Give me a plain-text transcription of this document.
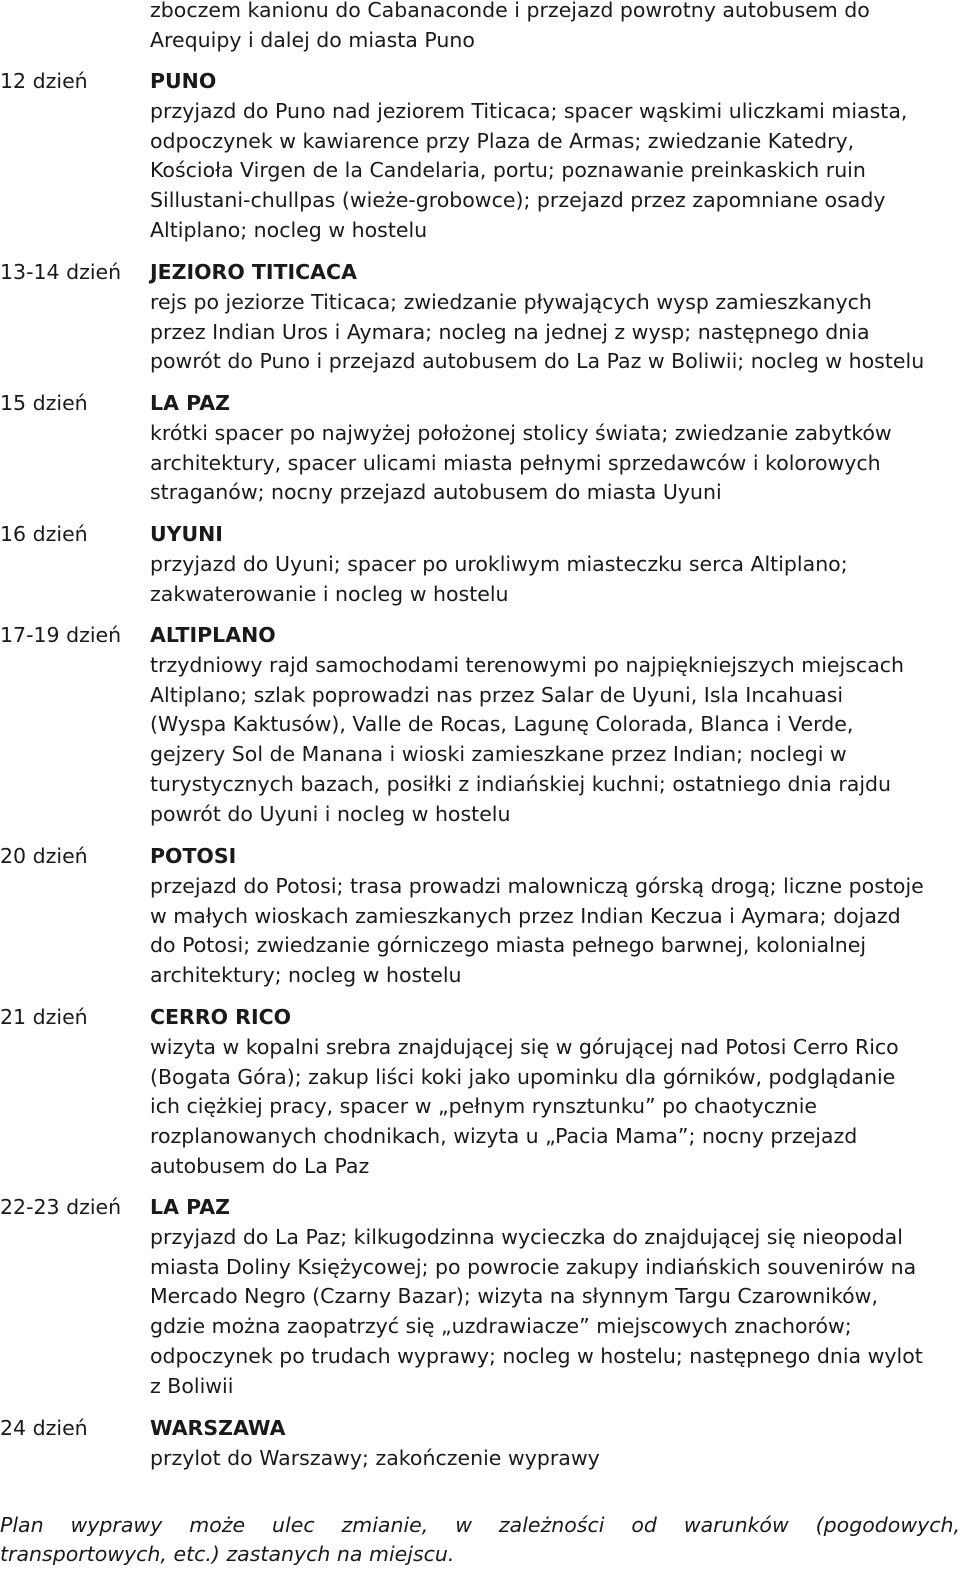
zboczem kanionu do Cabanaconde i przejazd powrotny autobusem do
Arequipy i dalej do miasta Puno
12 dzień	PUNO
przyjazd do Puno nad jeziorem Titicaca; spacer wąskimi uliczkami miasta,
odpoczynek w kawiarence przy Plaza de Armas; zwiedzanie Katedry,
Kościoła Virgen de la Candelaria, portu; poznawanie preinkaskich ruin
Sillustani-chullpas (wieże-grobowce); przejazd przez zapomniane osady
Altiplano; nocleg w hostelu
13-14 dzień JEZIORO TITICACA
rejs po jeziorze Titicaca; zwiedzanie pływających wysp zamieszkanych
przez Indian Uros i Aymara; nocleg na jednej z wysp; następnego dnia
powrót do Puno i przejazd autobusem do La Paz w Boliwii; nocleg w hostelu
15 dzień	LA PAZ
krótki spacer po najwyżej położonej stolicy świata; zwiedzanie zabytków
architektury, spacer ulicami miasta pełnymi sprzedawców i kolorowych
straganów; nocny przejazd autobusem do miasta Uyuni
16 dzień	UYUNI
przyjazd do Uyuni; spacer po urokliwym miasteczku serca Altiplano;
zakwaterowanie i nocleg w hostelu
17-19 dzień ALTIPLANO
trzydniowy rajd samochodami terenowymi po najpiękniejszych miejscach
Altiplano; szlak poprowadzi nas przez Salar de Uyuni, Isla Incahuasi
(Wyspa Kaktusów), Valle de Rocas, Lagunę Colorada, Blanca i Verde,
gejzery Sol de Manana i wioski zamieszkane przez Indian; noclegi w
turystycznych bazach, posiłki z indiańskiej kuchni; ostatniego dnia rajdu
powrót do Uyuni i nocleg w hostelu
20 dzień	POTOSI
przejazd do Potosi; trasa prowadzi malowniczą górską drogą; liczne postoje
w małych wioskach zamieszkanych przez Indian Keczua i Aymara; dojazd
do Potosi; zwiedzanie górniczego miasta pełnego barwnej, kolonialnej
architektury; nocleg w hostelu
21 dzień	CERRO RICO
wizyta w kopalni srebra znajdującej się w górującej nad Potosi Cerro Rico
(Bogata Góra); zakup liści koki jako upominku dla górników, podglądanie
ich ciężkiej pracy, spacer w „pełnym rynsztunku” po chaotycznie
rozplanowanych chodnikach, wizyta u „Pacia Mama”; nocny przejazd
autobusem do La Paz
22-23 dzień LA PAZ
przyjazd do La Paz; kilkugodzinna wycieczka do znajdującej się nieopodal
miasta Doliny Księżycowej; po powrocie zakupy indiańskich souvenirów na
Mercado Negro (Czarny Bazar); wizyta na słynnym Targu Czarowników,
gdzie można zaopatrzyć się „uzdrawiacze” miejscowych znachorów;
odpoczynek po trudach wyprawy; nocleg w hostelu; następnego dnia wylot
z Boliwii
24 dzień	WARSZAWA
przylot do Warszawy; zakończenie wyprawy
Plan wyprawy może ulec zmianie, w zależności od warunków (pogodowych,
transportowych, etc.) zastanych na miejscu.
